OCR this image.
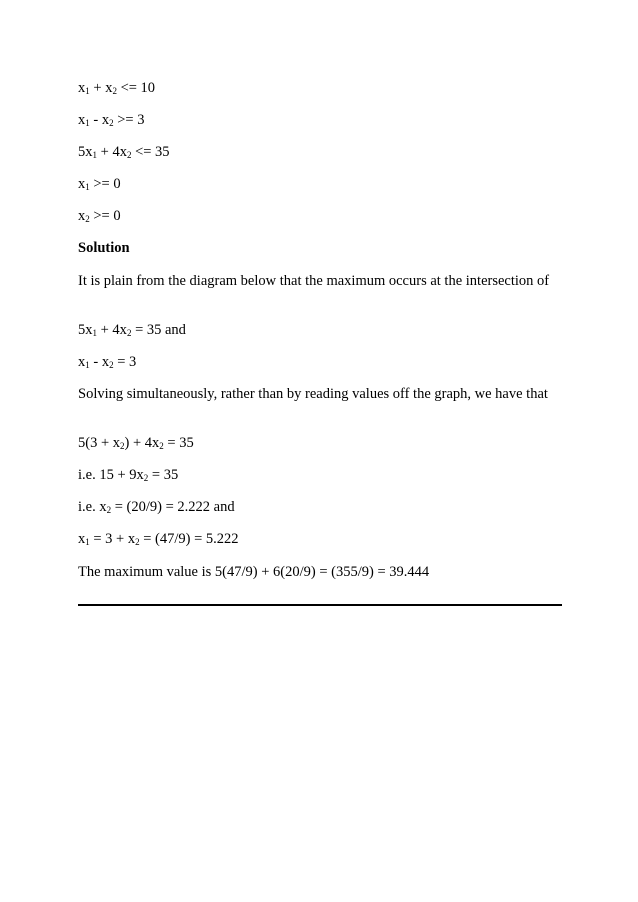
$x_1 + x_2 <= 10$
$x_1 - x_2 >= 3$
$5x_1 + 4x_2 <= 35$
$x_1 >= 0$
$x_2 >= 0$
Solution
It is plain from the diagram below that the maximum occurs at the intersection of
$5x_1 + 4x_2 = 35$ and
$x_1 - x_2 = 3$
Solving simultaneously, rather than by reading values off the graph, we have that
$5(3 + x_2) + 4x_2 = 35$
i.e. $15 + 9x_2 = 35$
i.e. $x_2 = (20/9) = 2.222$ and
$x_1 = 3 + x_2 = (47/9) = 5.222$
The maximum value is 5(47/9) + 6(20/9) = (355/9) = 39.444
